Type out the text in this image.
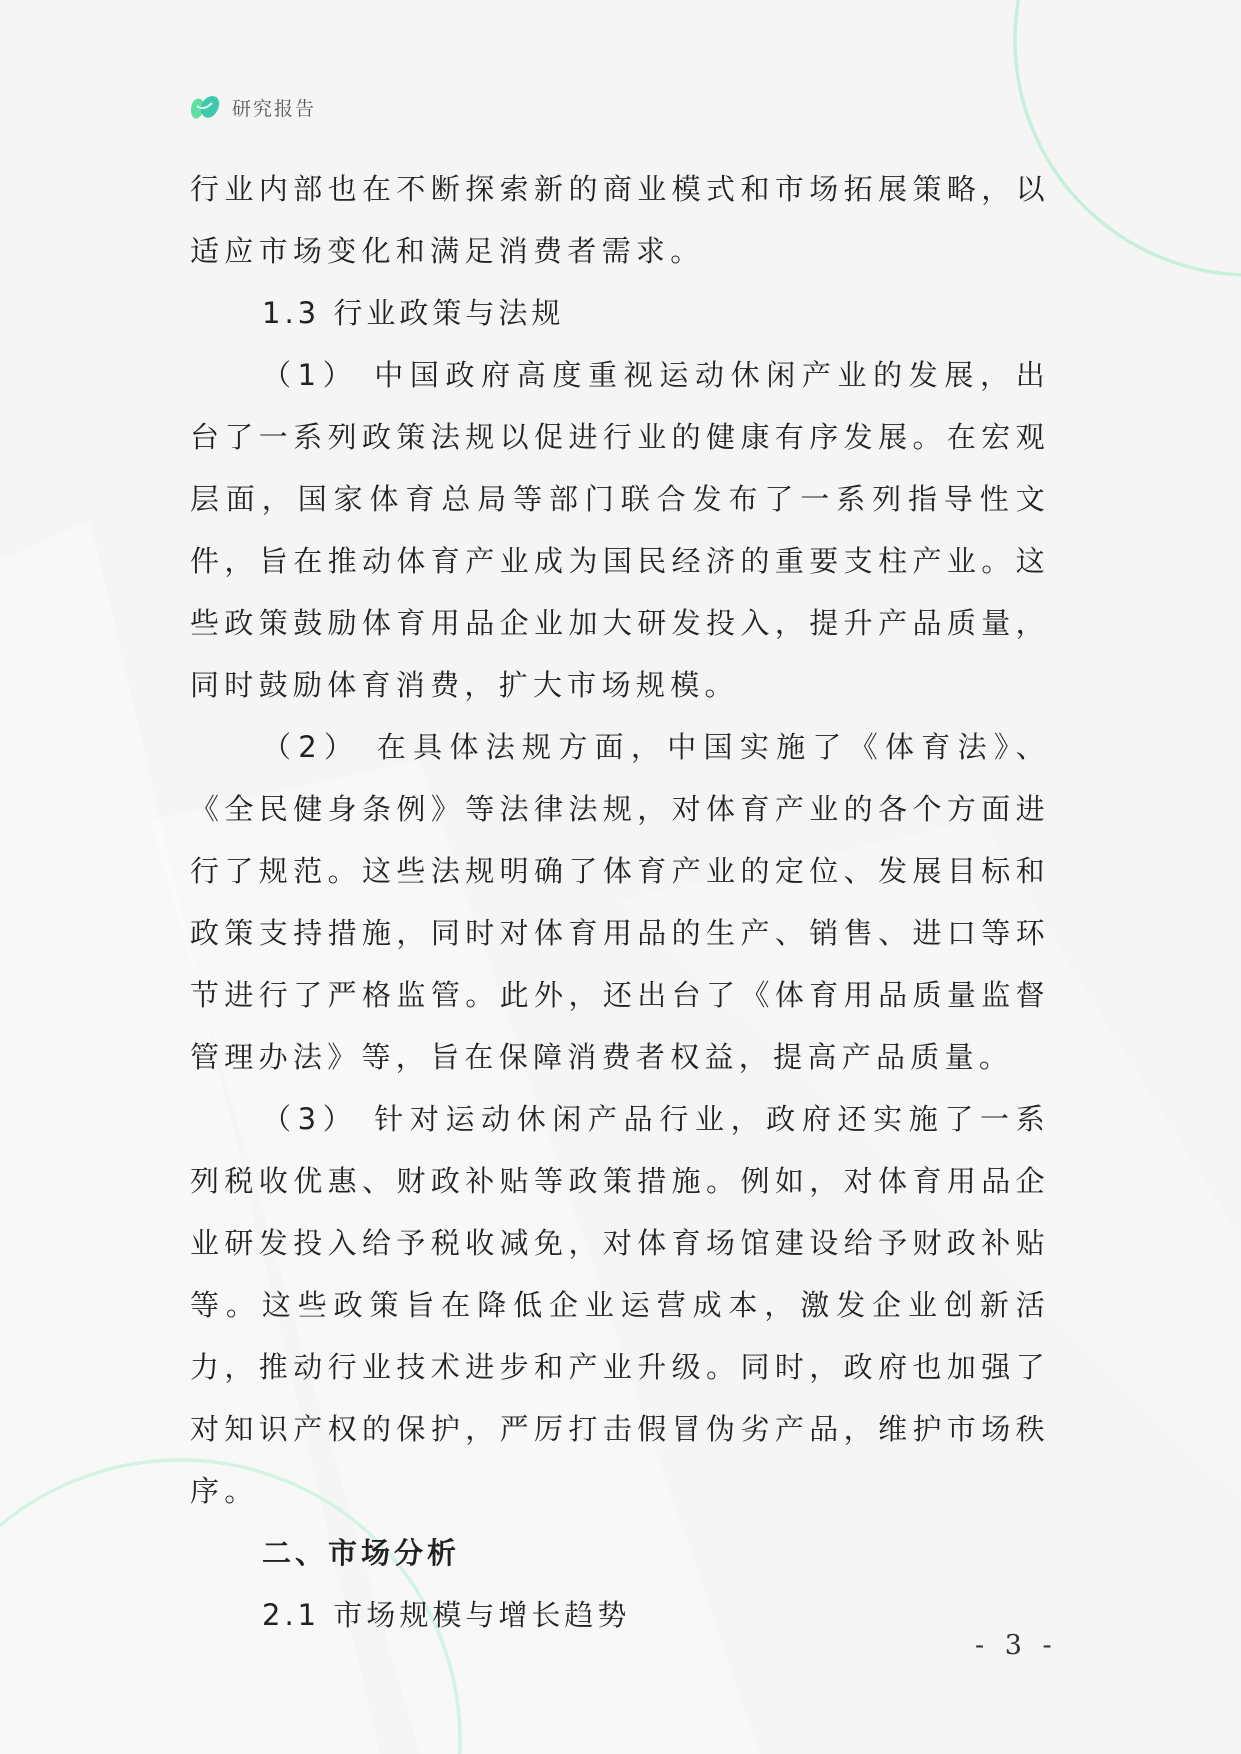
研究报告

行业内部也在不断探索新的商业模式和市场拓展策略，以适应市场变化和满足消费者需求。

1.3 行业政策与法规

（1） 中国政府高度重视运动休闲产业的发展，出台了一系列政策法规以促进行业的健康有序发展。在宏观层面，国家体育总局等部门联合发布了一系列指导性文件，旨在推动体育产业成为国民经济的重要支柱产业。这些政策鼓励体育用品企业加大研发投入，提升产品质量，同时鼓励体育消费，扩大市场规模。

（2） 在具体法规方面，中国实施了《体育法》、《全民健身条例》等法律法规，对体育产业的各个方面进行了规范。这些法规明确了体育产业的定位、发展目标和政策支持措施，同时对体育用品的生产、销售、进口等环节进行了严格监管。此外，还出台了《体育用品质量监督管理办法》等，旨在保障消费者权益，提高产品质量。

（3） 针对运动休闲产品行业，政府还实施了一系列税收优惠、财政补贴等政策措施。例如，对体育用品企业研发投入给予税收减免，对体育场馆建设给予财政补贴等。这些政策旨在降低企业运营成本，激发企业创新活力，推动行业技术进步和产业升级。同时，政府也加强了对知识产权的保护，严厉打击假冒伪劣产品，维护市场秩序。

二、市场分析

2.1 市场规模与增长趋势

- 3 -
